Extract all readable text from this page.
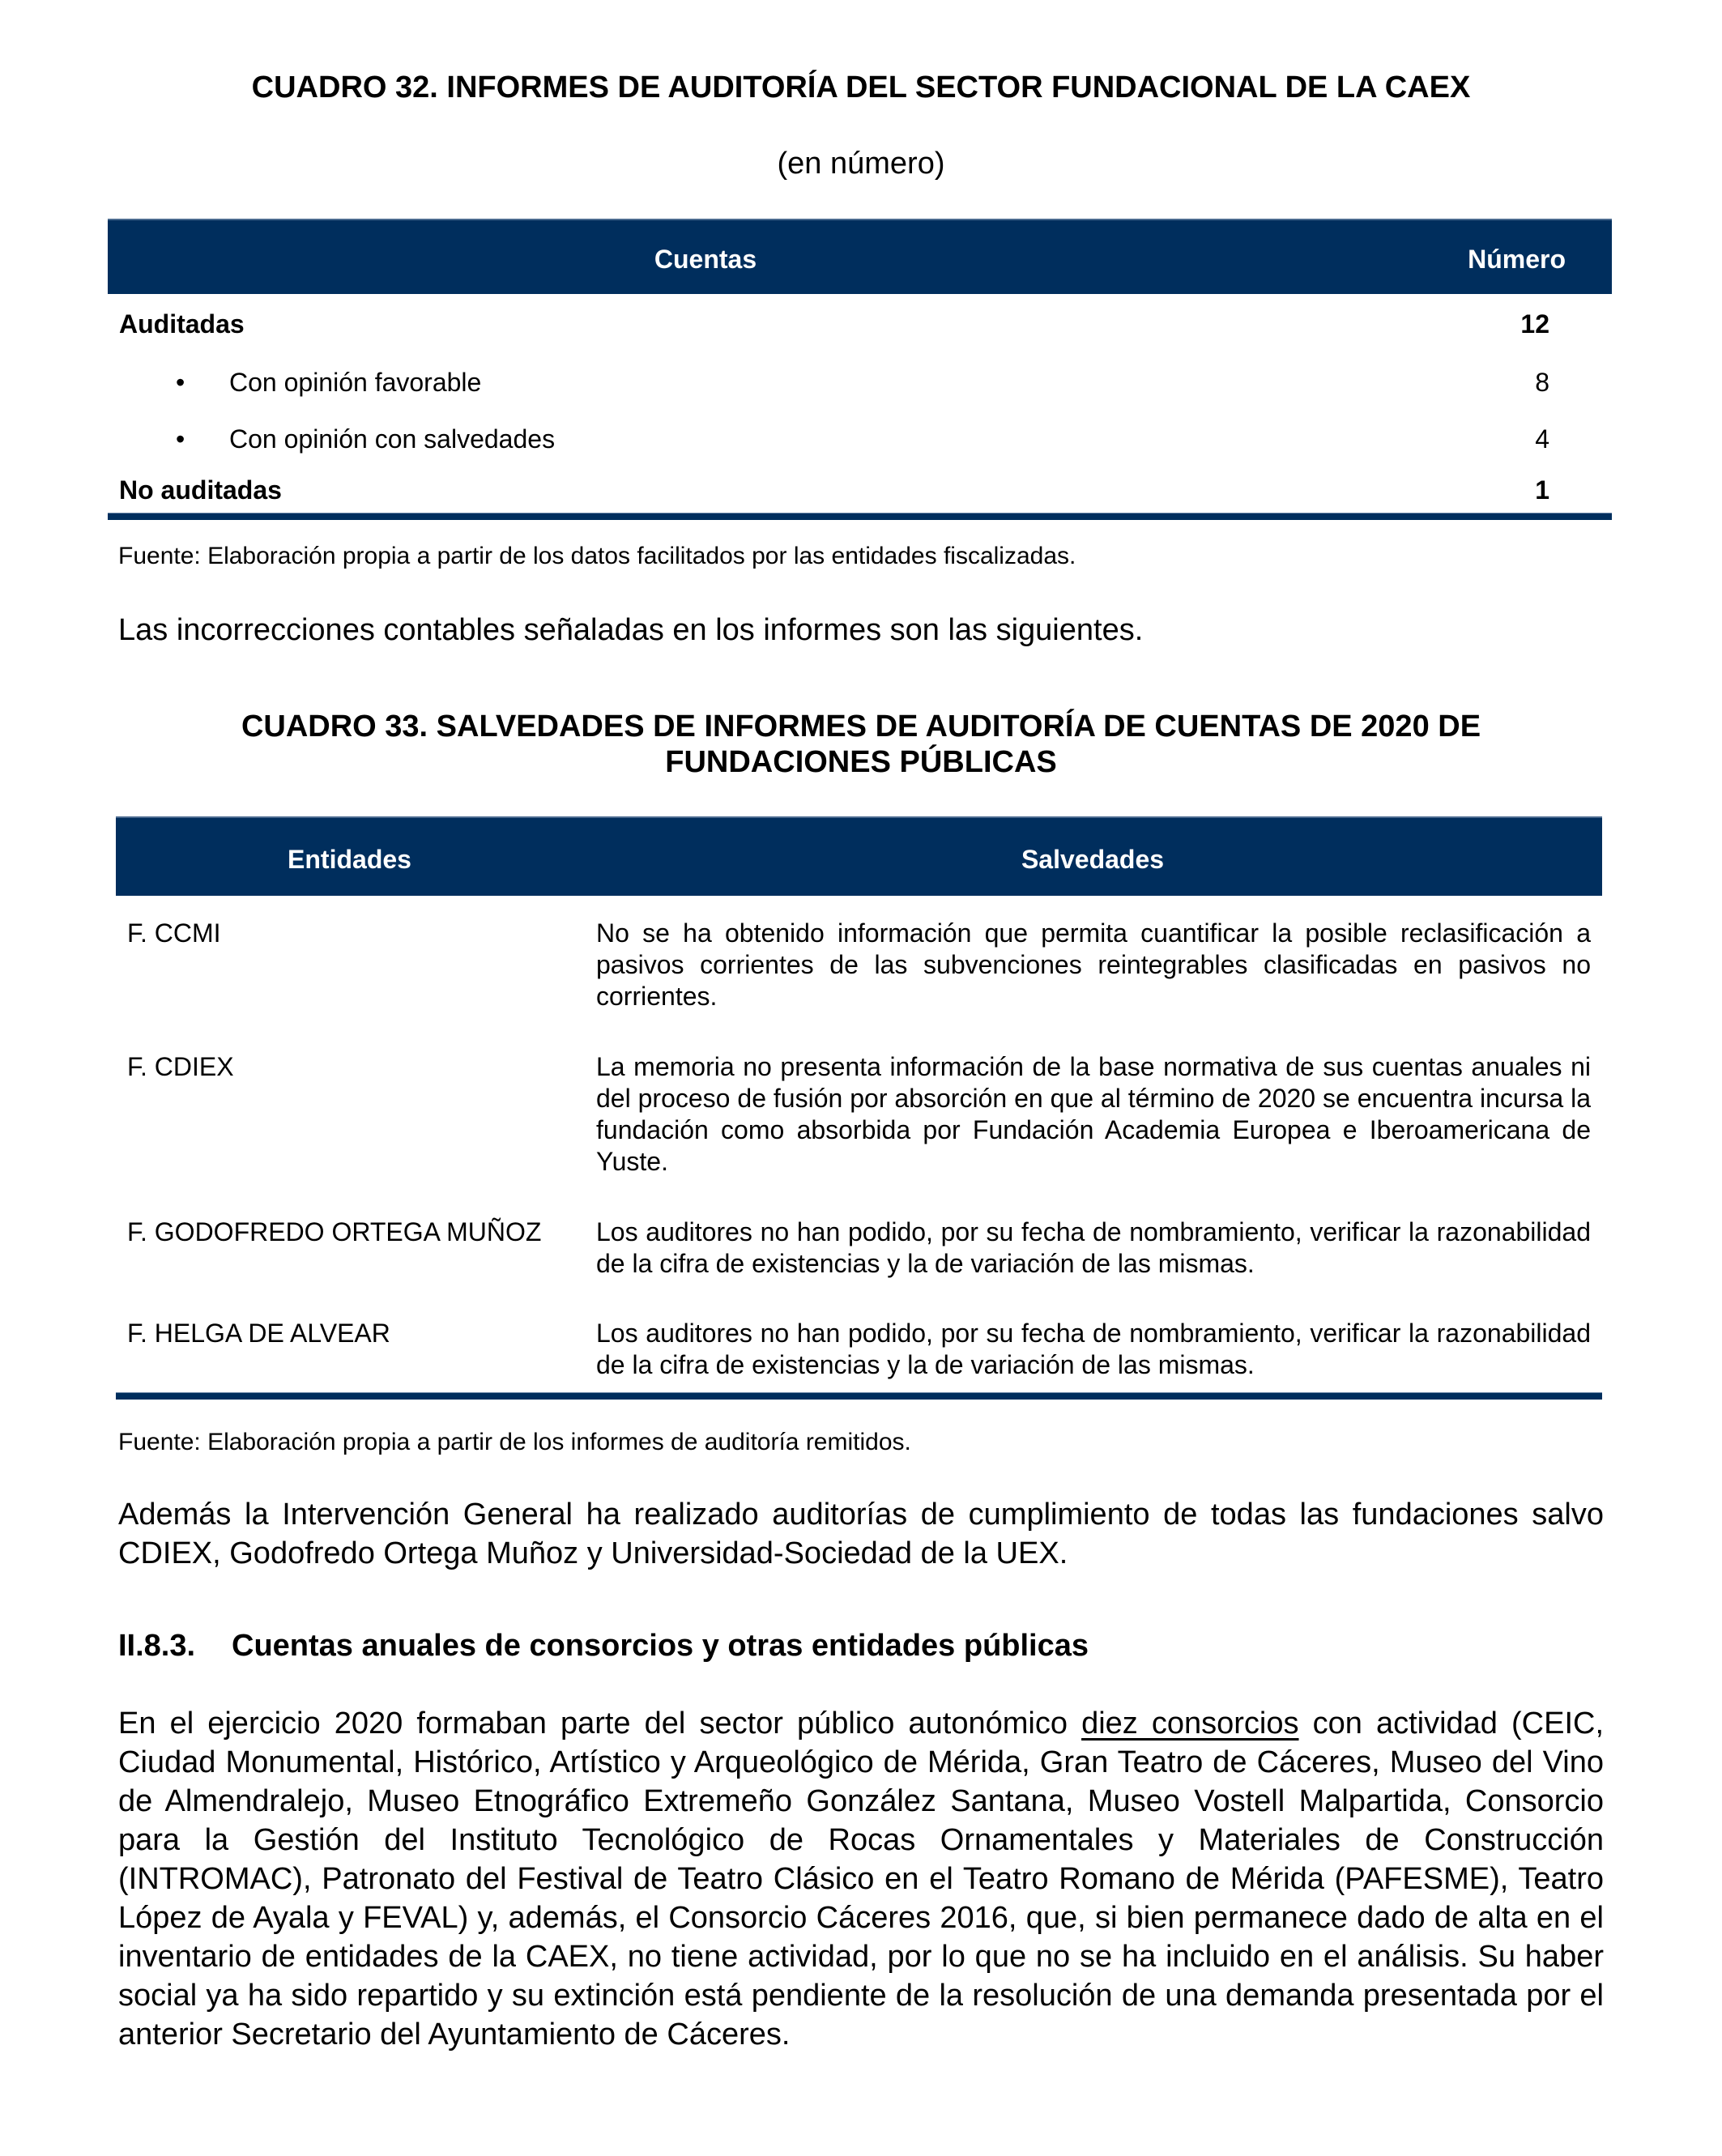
CUADRO 32. INFORMES DE AUDITORÍA DEL SECTOR FUNDACIONAL DE LA CAEX
(en número)
Cuentas	Número
Auditadas	12
• Con opinión favorable	8
• Con opinión con salvedades	4
No auditadas	1
Fuente: Elaboración propia a partir de los datos facilitados por las entidades fiscalizadas.
Las incorrecciones contables señaladas en los informes son las siguientes.
CUADRO 33. SALVEDADES DE INFORMES DE AUDITORÍA DE CUENTAS DE 2020 DE
FUNDACIONES PÚBLICAS
Entidades	Salvedades
F. CCMI	No se ha obtenido información que permita cuantificar la posible reclasificación a pasivos corrientes de las subvenciones reintegrables clasificadas en pasivos no corrientes.
F. CDIEX	La memoria no presenta información de la base normativa de sus cuentas anuales ni del proceso de fusión por absorción en que al término de 2020 se encuentra incursa la fundación como absorbida por Fundación Academia Europea e Iberoamericana de Yuste.
F. GODOFREDO ORTEGA MUÑOZ	Los auditores no han podido, por su fecha de nombramiento, verificar la razonabilidad de la cifra de existencias y la de variación de las mismas.
F. HELGA DE ALVEAR	Los auditores no han podido, por su fecha de nombramiento, verificar la razonabilidad de la cifra de existencias y la de variación de las mismas.
Fuente: Elaboración propia a partir de los informes de auditoría remitidos.
Además la Intervención General ha realizado auditorías de cumplimiento de todas las fundaciones salvo CDIEX, Godofredo Ortega Muñoz y Universidad-Sociedad de la UEX.
II.8.3. Cuentas anuales de consorcios y otras entidades públicas
En el ejercicio 2020 formaban parte del sector público autonómico diez consorcios con actividad (CEIC, Ciudad Monumental, Histórico, Artístico y Arqueológico de Mérida, Gran Teatro de Cáceres, Museo del Vino de Almendralejo, Museo Etnográfico Extremeño González Santana, Museo Vostell Malpartida, Consorcio para la Gestión del Instituto Tecnológico de Rocas Ornamentales y Materiales de Construcción (INTROMAC), Patronato del Festival de Teatro Clásico en el Teatro Romano de Mérida (PAFESME), Teatro López de Ayala y FEVAL) y, además, el Consorcio Cáceres 2016, que, si bien permanece dado de alta en el inventario de entidades de la CAEX, no tiene actividad, por lo que no se ha incluido en el análisis. Su haber social ya ha sido repartido y su extinción está pendiente de la resolución de una demanda presentada por el anterior Secretario del Ayuntamiento de Cáceres.
